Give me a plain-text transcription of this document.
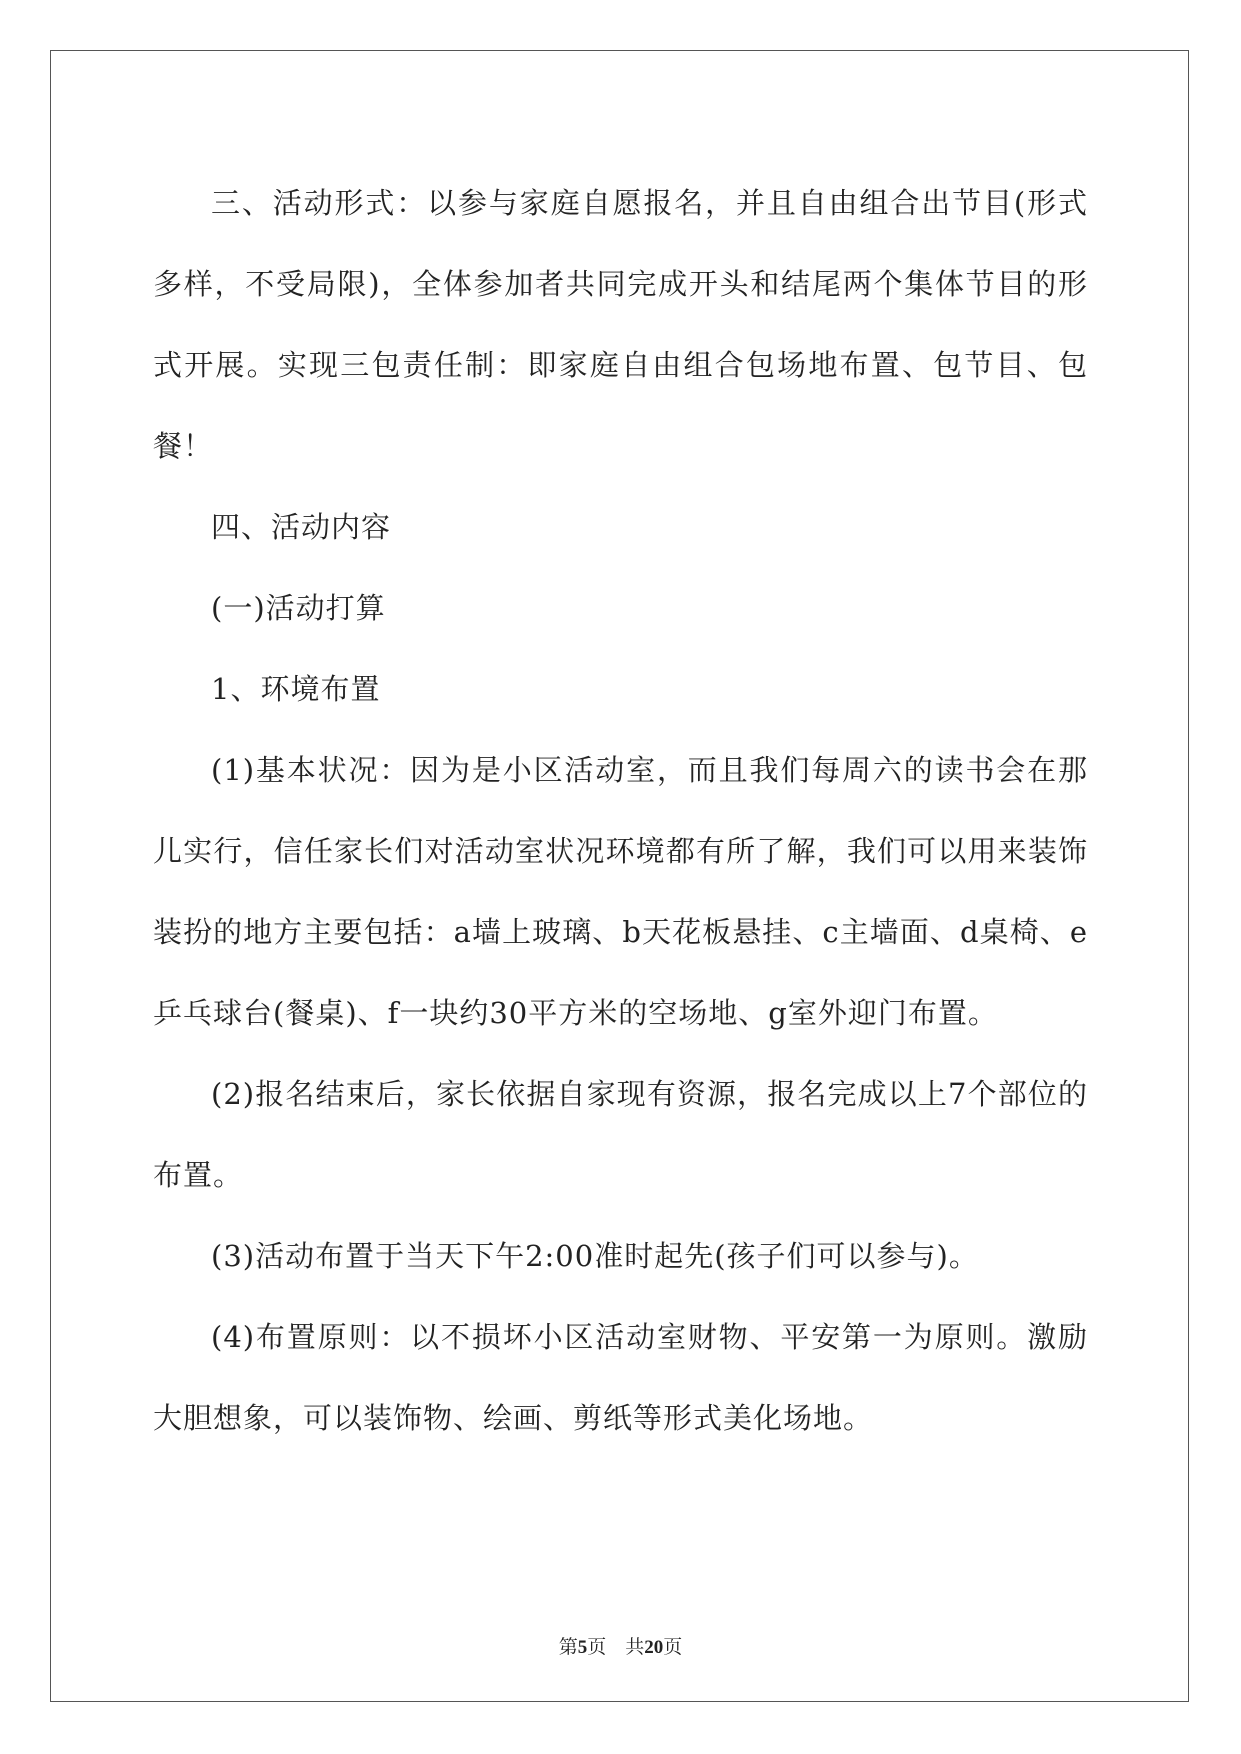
三、活动形式：以参与家庭自愿报名，并且自由组合出节目(形式多样，不受局限)，全体参加者共同完成开头和结尾两个集体节目的形式开展。实现三包责任制：即家庭自由组合包场地布置、包节目、包餐！

四、活动内容

(一)活动打算

1、环境布置

(1)基本状况：因为是小区活动室，而且我们每周六的读书会在那儿实行，信任家长们对活动室状况环境都有所了解，我们可以用来装饰装扮的地方主要包括：a墙上玻璃、b天花板悬挂、c主墙面、d桌椅、e乒乓球台(餐桌)、f一块约30平方米的空场地、g室外迎门布置。

(2)报名结束后，家长依据自家现有资源，报名完成以上7个部位的布置。

(3)活动布置于当天下午2:00准时起先(孩子们可以参与)。

(4)布置原则：以不损坏小区活动室财物、平安第一为原则。激励大胆想象，可以装饰物、绘画、剪纸等形式美化场地。

第5页 共20页
